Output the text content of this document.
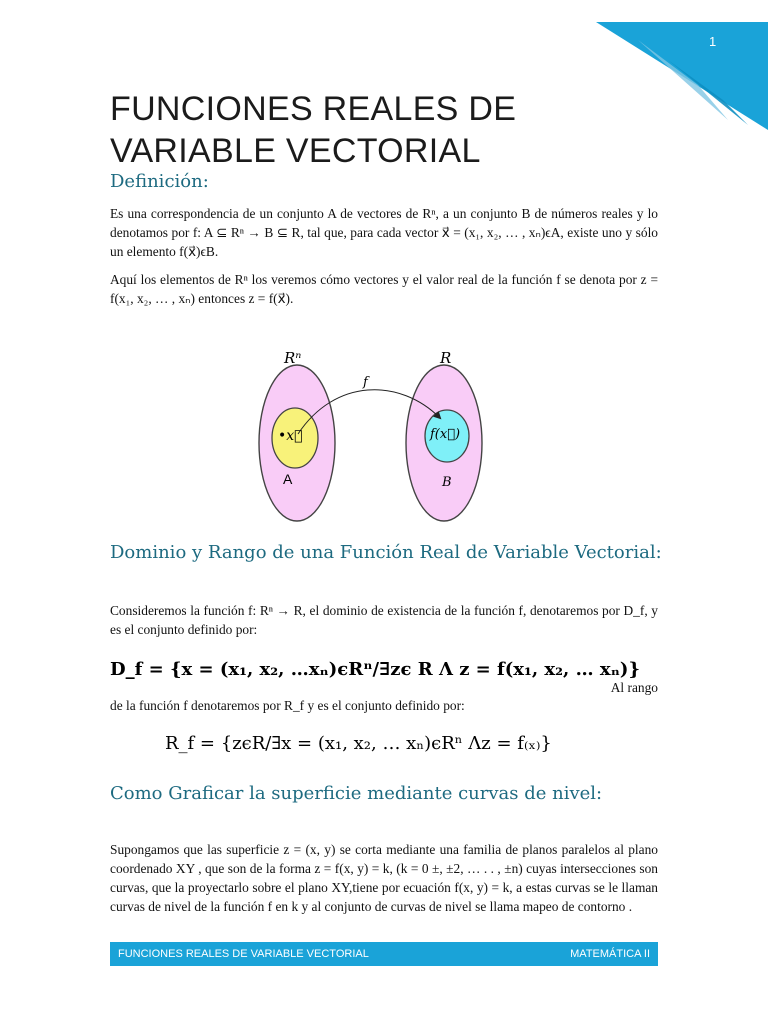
1
FUNCIONES REALES DE VARIABLE VECTORIAL
Definición:

Es una correspondencia de un conjunto A de vectores de Rⁿ, a un conjunto B de números reales y lo denotamos por f: A ⊆ Rⁿ → B ⊆ R, tal que, para cada vector x⃗ = (x₁, x₂, … , xₙ)ϵA, existe uno y sólo un elemento f(x⃗)ϵB.

Aquí los elementos de Rⁿ los veremos cómo vectores y el valor real de la función f se denota por z = f(x₁, x₂, … , xₙ) entonces z = f(x⃗).

Rⁿ	R
f
•x⃗	f(x⃗)
A	B
Dominio y Rango de una Función Real de Variable Vectorial:

Consideremos la función f: Rⁿ → R, el dominio de existencia de la función f, denotaremos por D_f, y es el conjunto definido por:

D_f = {x = (x₁, x₂, …xₙ)ϵRⁿ/∃zϵ R Λ z = f(x₁, x₂, … xₙ)}

Al rango

de la función f denotaremos por R_f y es el conjunto definido por:

R_f = {zϵR/∃x = (x₁, x₂, … xₙ)ϵRⁿ Λz = f₍ₓ₎}
Como Graficar la superficie mediante curvas de nivel:

Supongamos que las superficie z = (x, y) se corta mediante una familia de planos paralelos al plano coordenado XY , que son de la forma z = f(x, y) = k, (k = 0 ±, ±2, … . . , ±n) cuyas intersecciones son curvas, que la proyectarlo sobre el plano XY,tiene por ecuación f(x, y) = k, a estas curvas se le llaman curvas de nivel de la función f en k y al conjunto de curvas de nivel se llama mapeo de contorno .

FUNCIONES REALES DE VARIABLE VECTORIAL	MATEMÁTICA II
